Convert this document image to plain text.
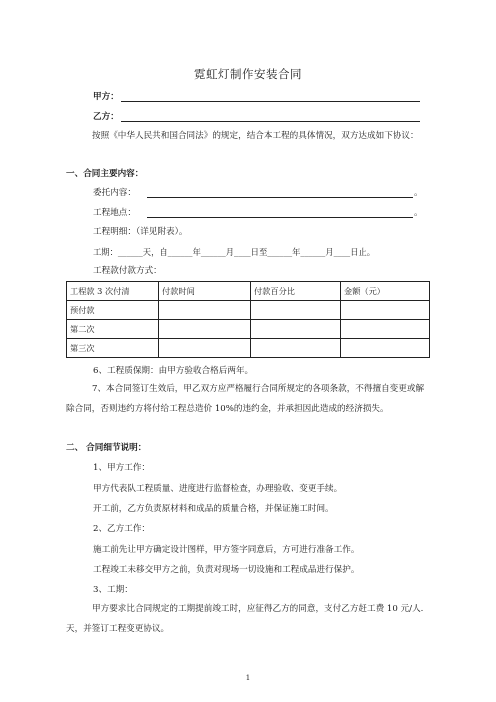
霓虹灯制作安装合同
甲方：
乙方：
按照《中华人民共和国合同法》的规定，结合本工程的具体情况，双方达成如下协议：
一、合同主要内容：
委托内容：	。
工程地点：	。
工程明细：（详见附表）。
工期：______天，自______年______月____日至______年______月____日止。
工程款付款方式：
工程款 3 次付清	付款时间	付款百分比	金额（元）
预付款			
第二次			
第三次			
6、工程质保期：由甲方验收合格后两年。
7、本合同签订生效后，甲乙双方应严格履行合同所规定的各项条款，不得擅自变更或解除合同，否则违约方将付给工程总造价 10%的违约金，并承担因此造成的经济损失。
二、 合同细节说明：
1、甲方工作：
甲方代表队工程质量、进度进行监督检查，办理验收、变更手续。
开工前，乙方负责原材料和成品的质量合格，并保证施工时间。
2、乙方工作：
施工前先让甲方确定设计图样，甲方签字同意后，方可进行准备工作。
工程竣工未移交甲方之前，负责对现场一切设施和工程成品进行保护。
3、工期：
甲方要求比合同规定的工期提前竣工时，应征得乙方的同意，支付乙方赶工费 10 元/人.天，并签订工程变更协议。
1
